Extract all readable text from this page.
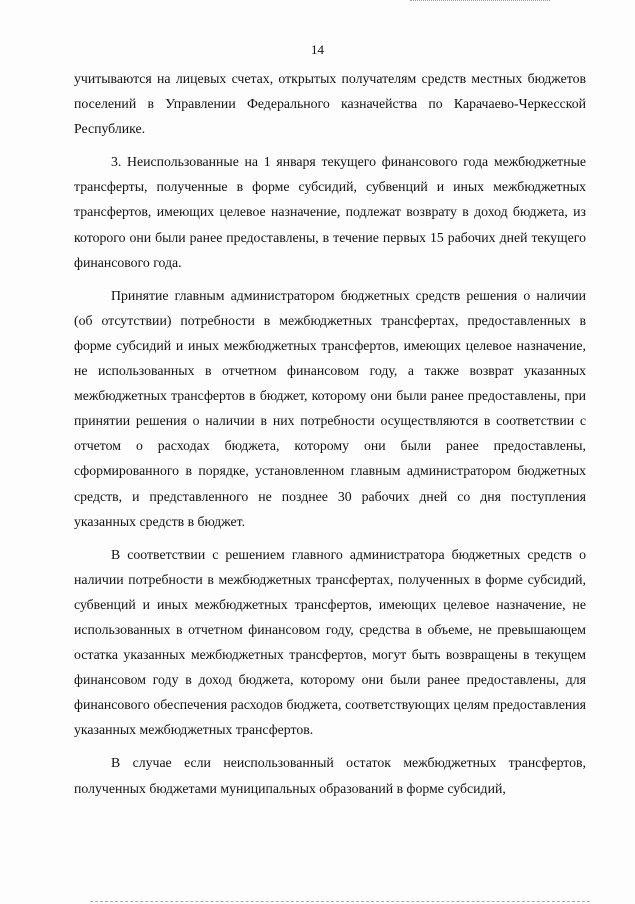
14

учитываются на лицевых счетах, открытых получателям средств местных бюджетов поселений в Управлении Федерального казначейства по Карачаево-Черкесской Республике.

3. Неиспользованные на 1 января текущего финансового года межбюджетные трансферты, полученные в форме субсидий, субвенций и иных межбюджетных трансфертов, имеющих целевое назначение, подлежат возврату в доход бюджета, из которого они были ранее предоставлены, в течение первых 15 рабочих дней текущего финансового года.

Принятие главным администратором бюджетных средств решения о наличии (об отсутствии) потребности в межбюджетных трансфертах, предоставленных в форме субсидий и иных межбюджетных трансфертов, имеющих целевое назначение, не использованных в отчетном финансовом году, а также возврат указанных межбюджетных трансфертов в бюджет, которому они были ранее предоставлены, при принятии решения о наличии в них потребности осуществляются в соответствии с отчетом о расходах бюджета, которому они были ранее предоставлены, сформированного в порядке, установленном главным администратором бюджетных средств, и представленного не позднее 30 рабочих дней со дня поступления указанных средств в бюджет.

В соответствии с решением главного администратора бюджетных средств о наличии потребности в межбюджетных трансфертах, полученных в форме субсидий, субвенций и иных межбюджетных трансфертов, имеющих целевое назначение, не использованных в отчетном финансовом году, средства в объеме, не превышающем остатка указанных межбюджетных трансфертов, могут быть возвращены в текущем финансовом году в доход бюджета, которому они были ранее предоставлены, для финансового обеспечения расходов бюджета, соответствующих целям предоставления указанных межбюджетных трансфертов.

В случае если неиспользованный остаток межбюджетных трансфертов, полученных бюджетами муниципальных образований в форме субсидий,
